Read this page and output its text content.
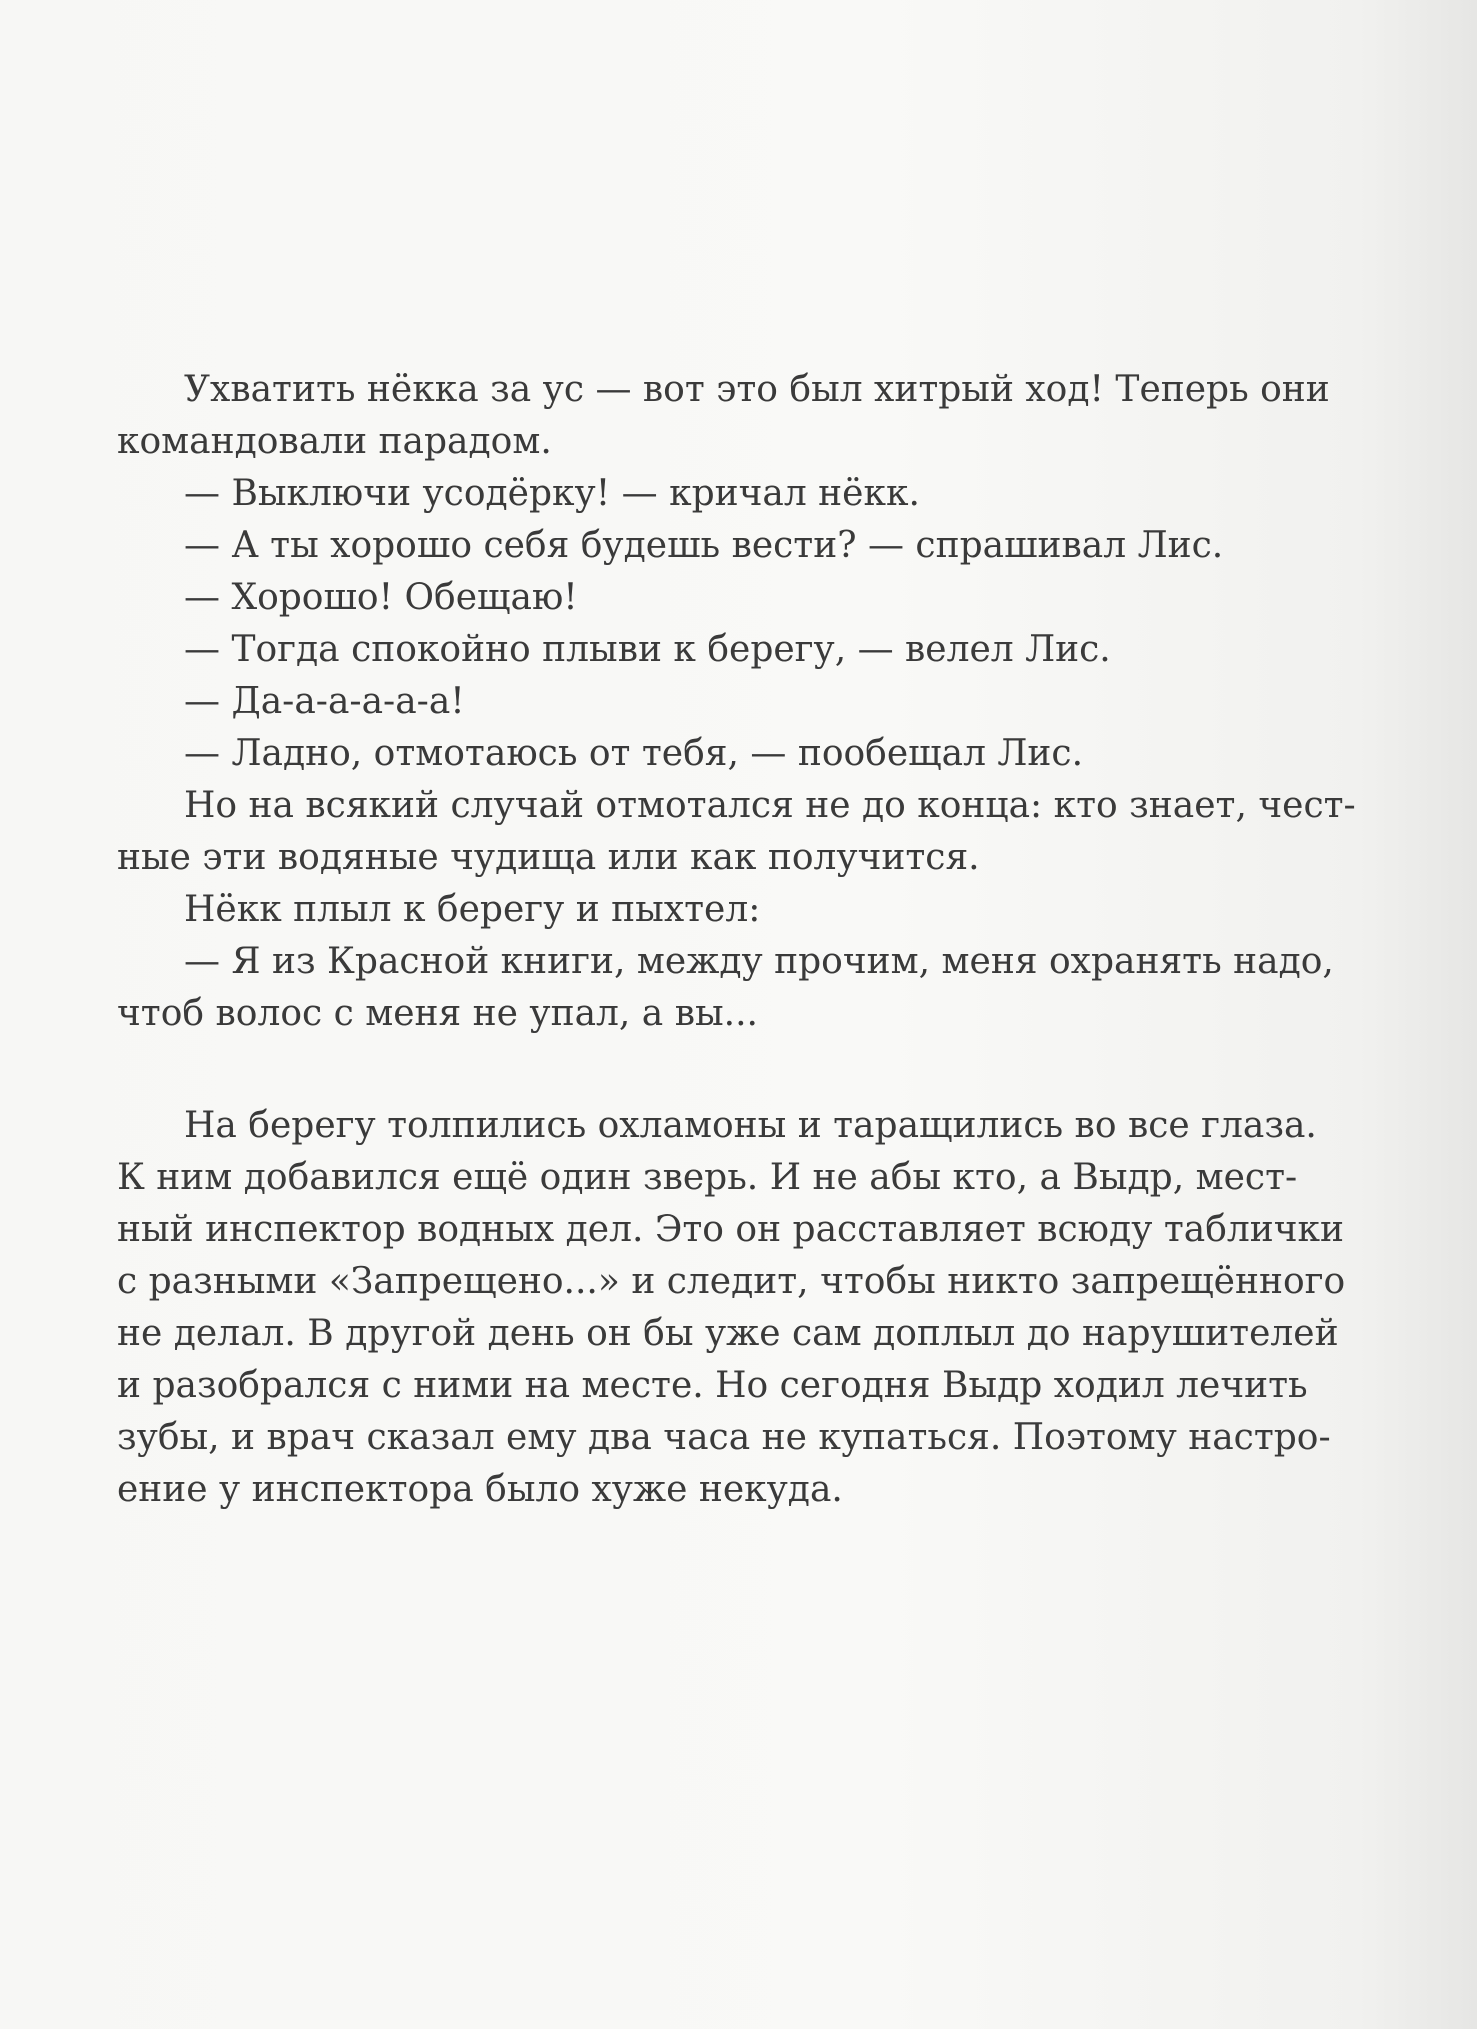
Ухватить нёкка за ус — вот это был хитрый ход! Теперь они
командовали парадом.
— Выключи усодёрку! — кричал нёкк.
— А ты хорошо себя будешь вести? — спрашивал Лис.
— Хорошо! Обещаю!
— Тогда спокойно плыви к берегу, — велел Лис.
— Да-а-а-а-а-а!
— Ладно, отмотаюсь от тебя, — пообещал Лис.
Но на всякий случай отмотался не до конца: кто знает, чест-
ные эти водяные чудища или как получится.
Нёкк плыл к берегу и пыхтел:
— Я из Красной книги, между прочим, меня охранять надо,
чтоб волос с меня не упал, а вы...
На берегу толпились охламоны и таращились во все глаза.
К ним добавился ещё один зверь. И не абы кто, а Выдр, мест-
ный инспектор водных дел. Это он расставляет всюду таблички
с разными «Запрещено...» и следит, чтобы никто запрещённого
не делал. В другой день он бы уже сам доплыл до нарушителей
и разобрался с ними на месте. Но сегодня Выдр ходил лечить
зубы, и врач сказал ему два часа не купаться. Поэтому настро-
ение у инспектора было хуже некуда.
